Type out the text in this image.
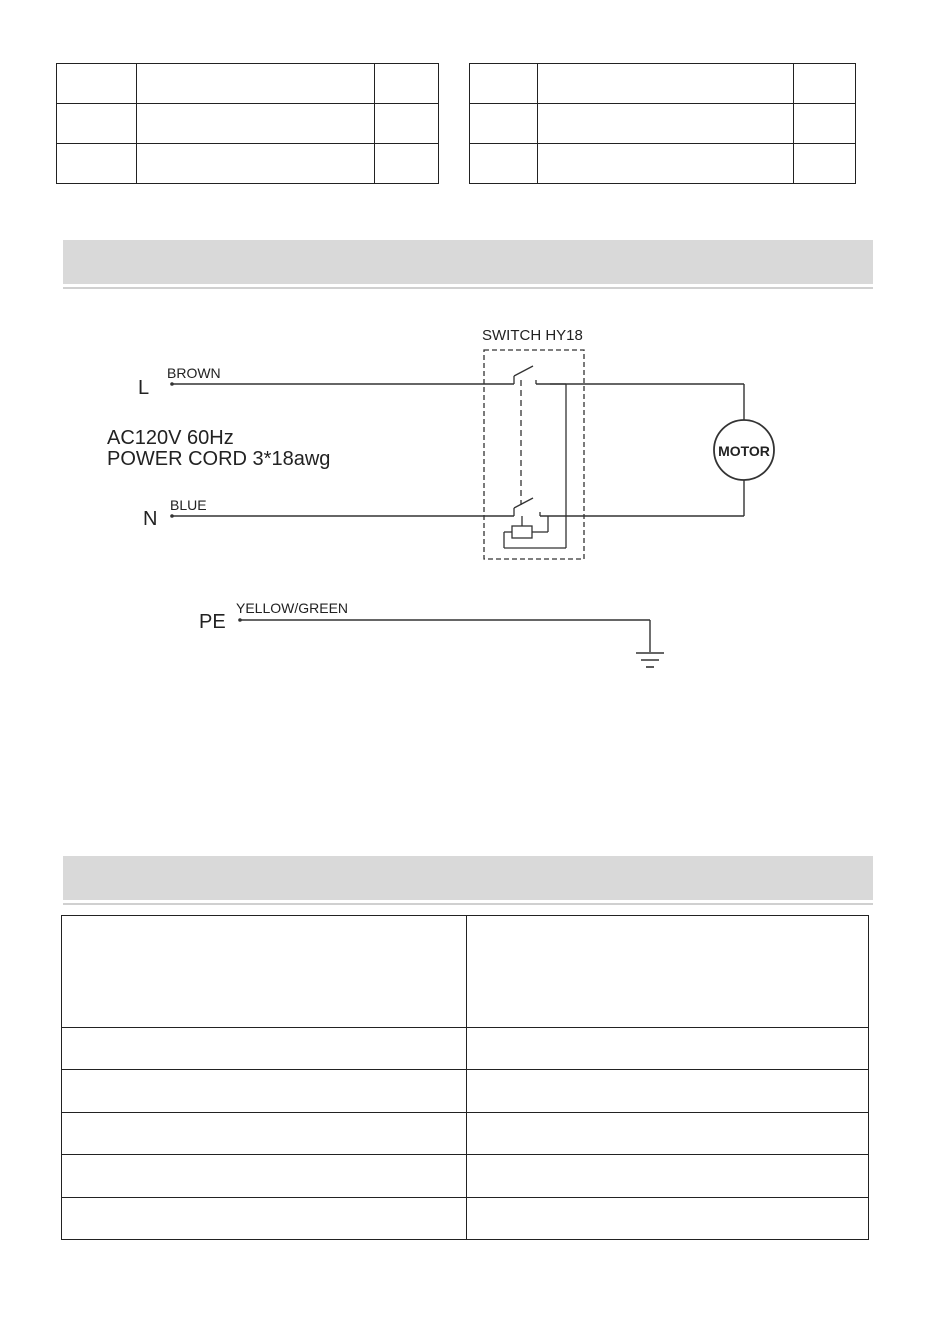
SWITCH HY18
L
BROWN
AC120V 60Hz
POWER CORD 3*18awg
N
BLUE
PE
YELLOW/GREEN
MOTOR
